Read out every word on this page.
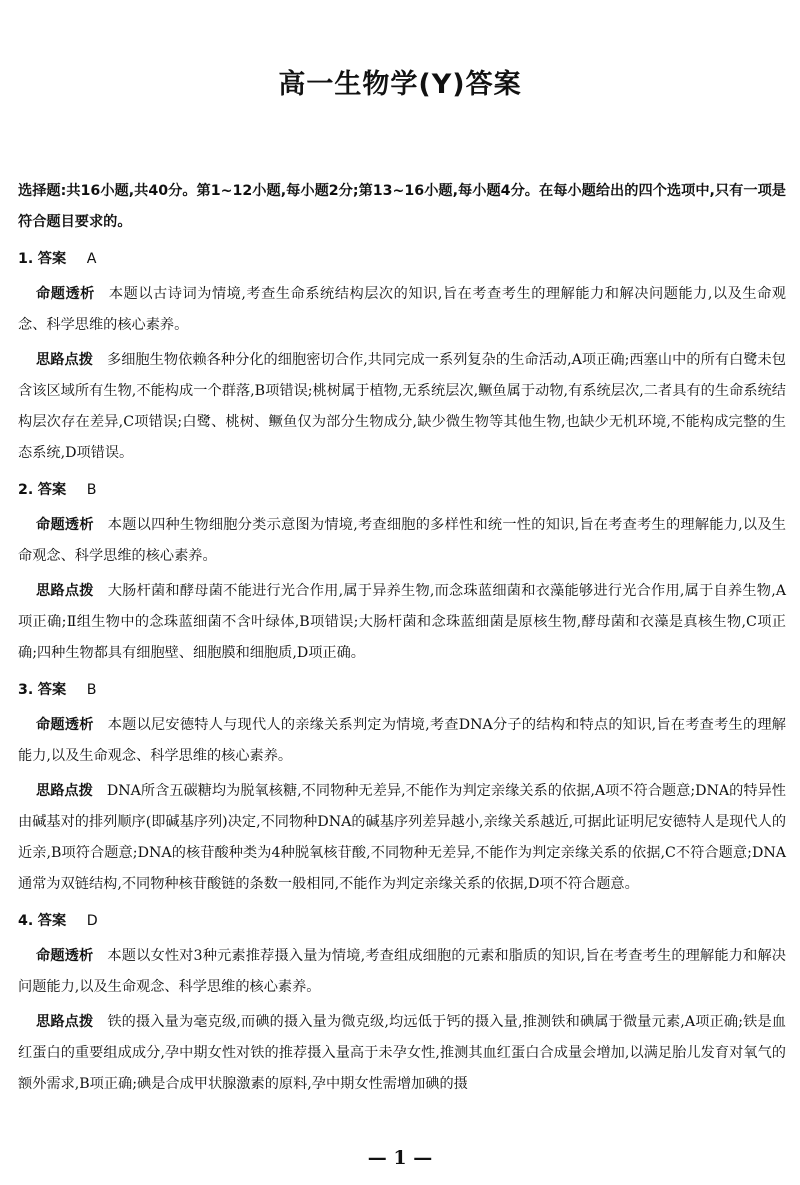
高一生物学(Y)答案

选择题:共16小题,共40分。第1~12小题,每小题2分;第13~16小题,每小题4分。在每小题给出的四个选项中,只有一项是符合题目要求的。

1. 答案 A

命题透析 本题以古诗词为情境,考查生命系统结构层次的知识,旨在考查考生的理解能力和解决问题能力,以及生命观念、科学思维的核心素养。

思路点拨 多细胞生物依赖各种分化的细胞密切合作,共同完成一系列复杂的生命活动,A项正确;西塞山中的所有白鹭未包含该区域所有生物,不能构成一个群落,B项错误;桃树属于植物,无系统层次,鳜鱼属于动物,有系统层次,二者具有的生命系统结构层次存在差异,C项错误;白鹭、桃树、鳜鱼仅为部分生物成分,缺少微生物等其他生物,也缺少无机环境,不能构成完整的生态系统,D项错误。

2. 答案 B

命题透析 本题以四种生物细胞分类示意图为情境,考查细胞的多样性和统一性的知识,旨在考查考生的理解能力,以及生命观念、科学思维的核心素养。

思路点拨 大肠杆菌和酵母菌不能进行光合作用,属于异养生物,而念珠蓝细菌和衣藻能够进行光合作用,属于自养生物,A项正确;Ⅱ组生物中的念珠蓝细菌不含叶绿体,B项错误;大肠杆菌和念珠蓝细菌是原核生物,酵母菌和衣藻是真核生物,C项正确;四种生物都具有细胞壁、细胞膜和细胞质,D项正确。

3. 答案 B

命题透析 本题以尼安德特人与现代人的亲缘关系判定为情境,考查DNA分子的结构和特点的知识,旨在考查考生的理解能力,以及生命观念、科学思维的核心素养。

思路点拨 DNA所含五碳糖均为脱氧核糖,不同物种无差异,不能作为判定亲缘关系的依据,A项不符合题意;DNA的特异性由碱基对的排列顺序(即碱基序列)决定,不同物种DNA的碱基序列差异越小,亲缘关系越近,可据此证明尼安德特人是现代人的近亲,B项符合题意;DNA的核苷酸种类为4种脱氧核苷酸,不同物种无差异,不能作为判定亲缘关系的依据,C不符合题意;DNA通常为双链结构,不同物种核苷酸链的条数一般相同,不能作为判定亲缘关系的依据,D项不符合题意。

4. 答案 D

命题透析 本题以女性对3种元素推荐摄入量为情境,考查组成细胞的元素和脂质的知识,旨在考查考生的理解能力和解决问题能力,以及生命观念、科学思维的核心素养。

思路点拨 铁的摄入量为毫克级,而碘的摄入量为微克级,均远低于钙的摄入量,推测铁和碘属于微量元素,A项正确;铁是血红蛋白的重要组成成分,孕中期女性对铁的推荐摄入量高于未孕女性,推测其血红蛋白合成量会增加,以满足胎儿发育对氧气的额外需求,B项正确;碘是合成甲状腺激素的原料,孕中期女性需增加碘的摄

— 1 —
